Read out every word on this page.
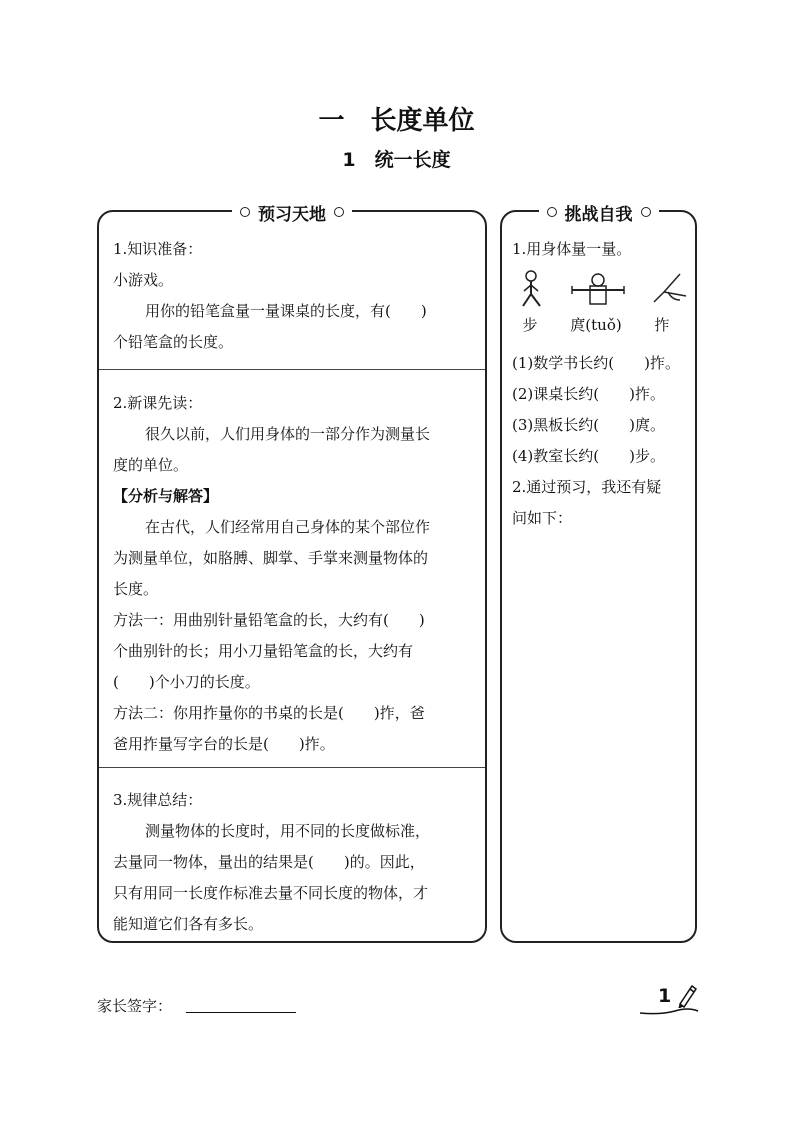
一　长度单位
1　统一长度
预习天地
1.知识准备：
小游戏。
用你的铅笔盒量一量课桌的长度，有(　　)
个铅笔盒的长度。
2.新课先读：
很久以前，人们用身体的一部分作为测量长
度的单位。
【分析与解答】
在古代，人们经常用自己身体的某个部位作
为测量单位，如胳膊、脚掌、手掌来测量物体的
长度。
方法一：用曲别针量铅笔盒的长，大约有(　　)
个曲别针的长；用小刀量铅笔盒的长，大约有
(　　)个小刀的长度。
方法二：你用拃量你的书桌的长是(　　)拃，爸
爸用拃量写字台的长是(　　)拃。
3.规律总结：
测量物体的长度时，用不同的长度做标准，
去量同一物体，量出的结果是(　　)的。因此，
只有用同一长度作标准去量不同长度的物体，才
能知道它们各有多长。
挑战自我
1.用身体量一量。
步	庹(tuǒ)	拃
(1)数学书长约(　　)拃。
(2)课桌长约(　　)拃。
(3)黑板长约(　　)庹。
(4)教室长约(　　)步。
2.通过预习，我还有疑
问如下：
家长签字：	1
